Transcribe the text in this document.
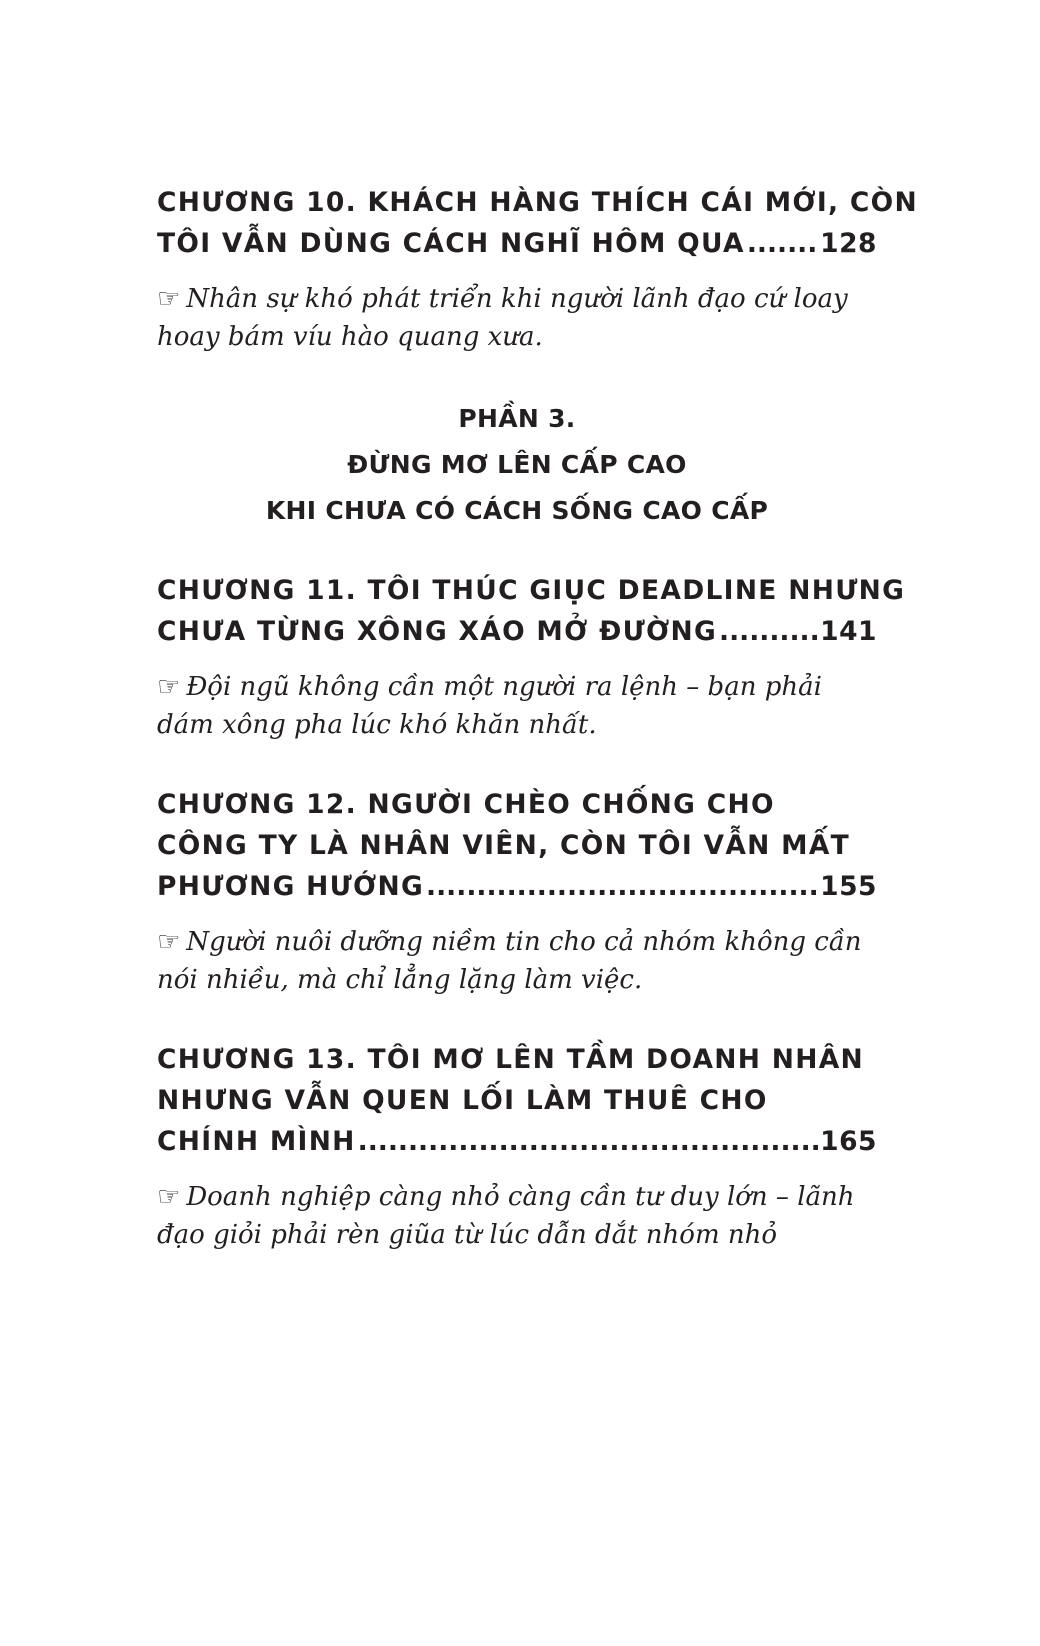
CHƯƠNG 10. KHÁCH HÀNG THÍCH CÁI MỚI, CÒN
TÔI VẪN DÙNG CÁCH NGHĨ HÔM QUA .....	128
☞ Nhân sự khó phát triển khi người lãnh đạo cứ loay hoay bám víu hào quang xưa.
PHẦN 3.
ĐỪNG MƠ LÊN CẤP CAO
KHI CHƯA CÓ CÁCH SỐNG CAO CẤP
CHƯƠNG 11. TÔI THÚC GIỤC DEADLINE NHƯNG
CHƯA TỪNG XÔNG XÁO MỞ ĐƯỜNG .....	141
☞ Đội ngũ không cần một người ra lệnh – bạn phải dám xông pha lúc khó khăn nhất.
CHƯƠNG 12. NGƯỜI CHÈO CHỐNG CHO
CÔNG TY LÀ NHÂN VIÊN, CÒN TÔI VẪN MẤT
PHƯƠNG HƯỚNG .....	155
☞ Người nuôi dưỡng niềm tin cho cả nhóm không cần nói nhiều, mà chỉ lẳng lặng làm việc.
CHƯƠNG 13. TÔI MƠ LÊN TẦM DOANH NHÂN
NHƯNG VẪN QUEN LỐI LÀM THUÊ CHO
CHÍNH MÌNH .....	165
☞ Doanh nghiệp càng nhỏ càng cần tư duy lớn – lãnh đạo giỏi phải rèn giũa từ lúc dẫn dắt nhóm nhỏ
